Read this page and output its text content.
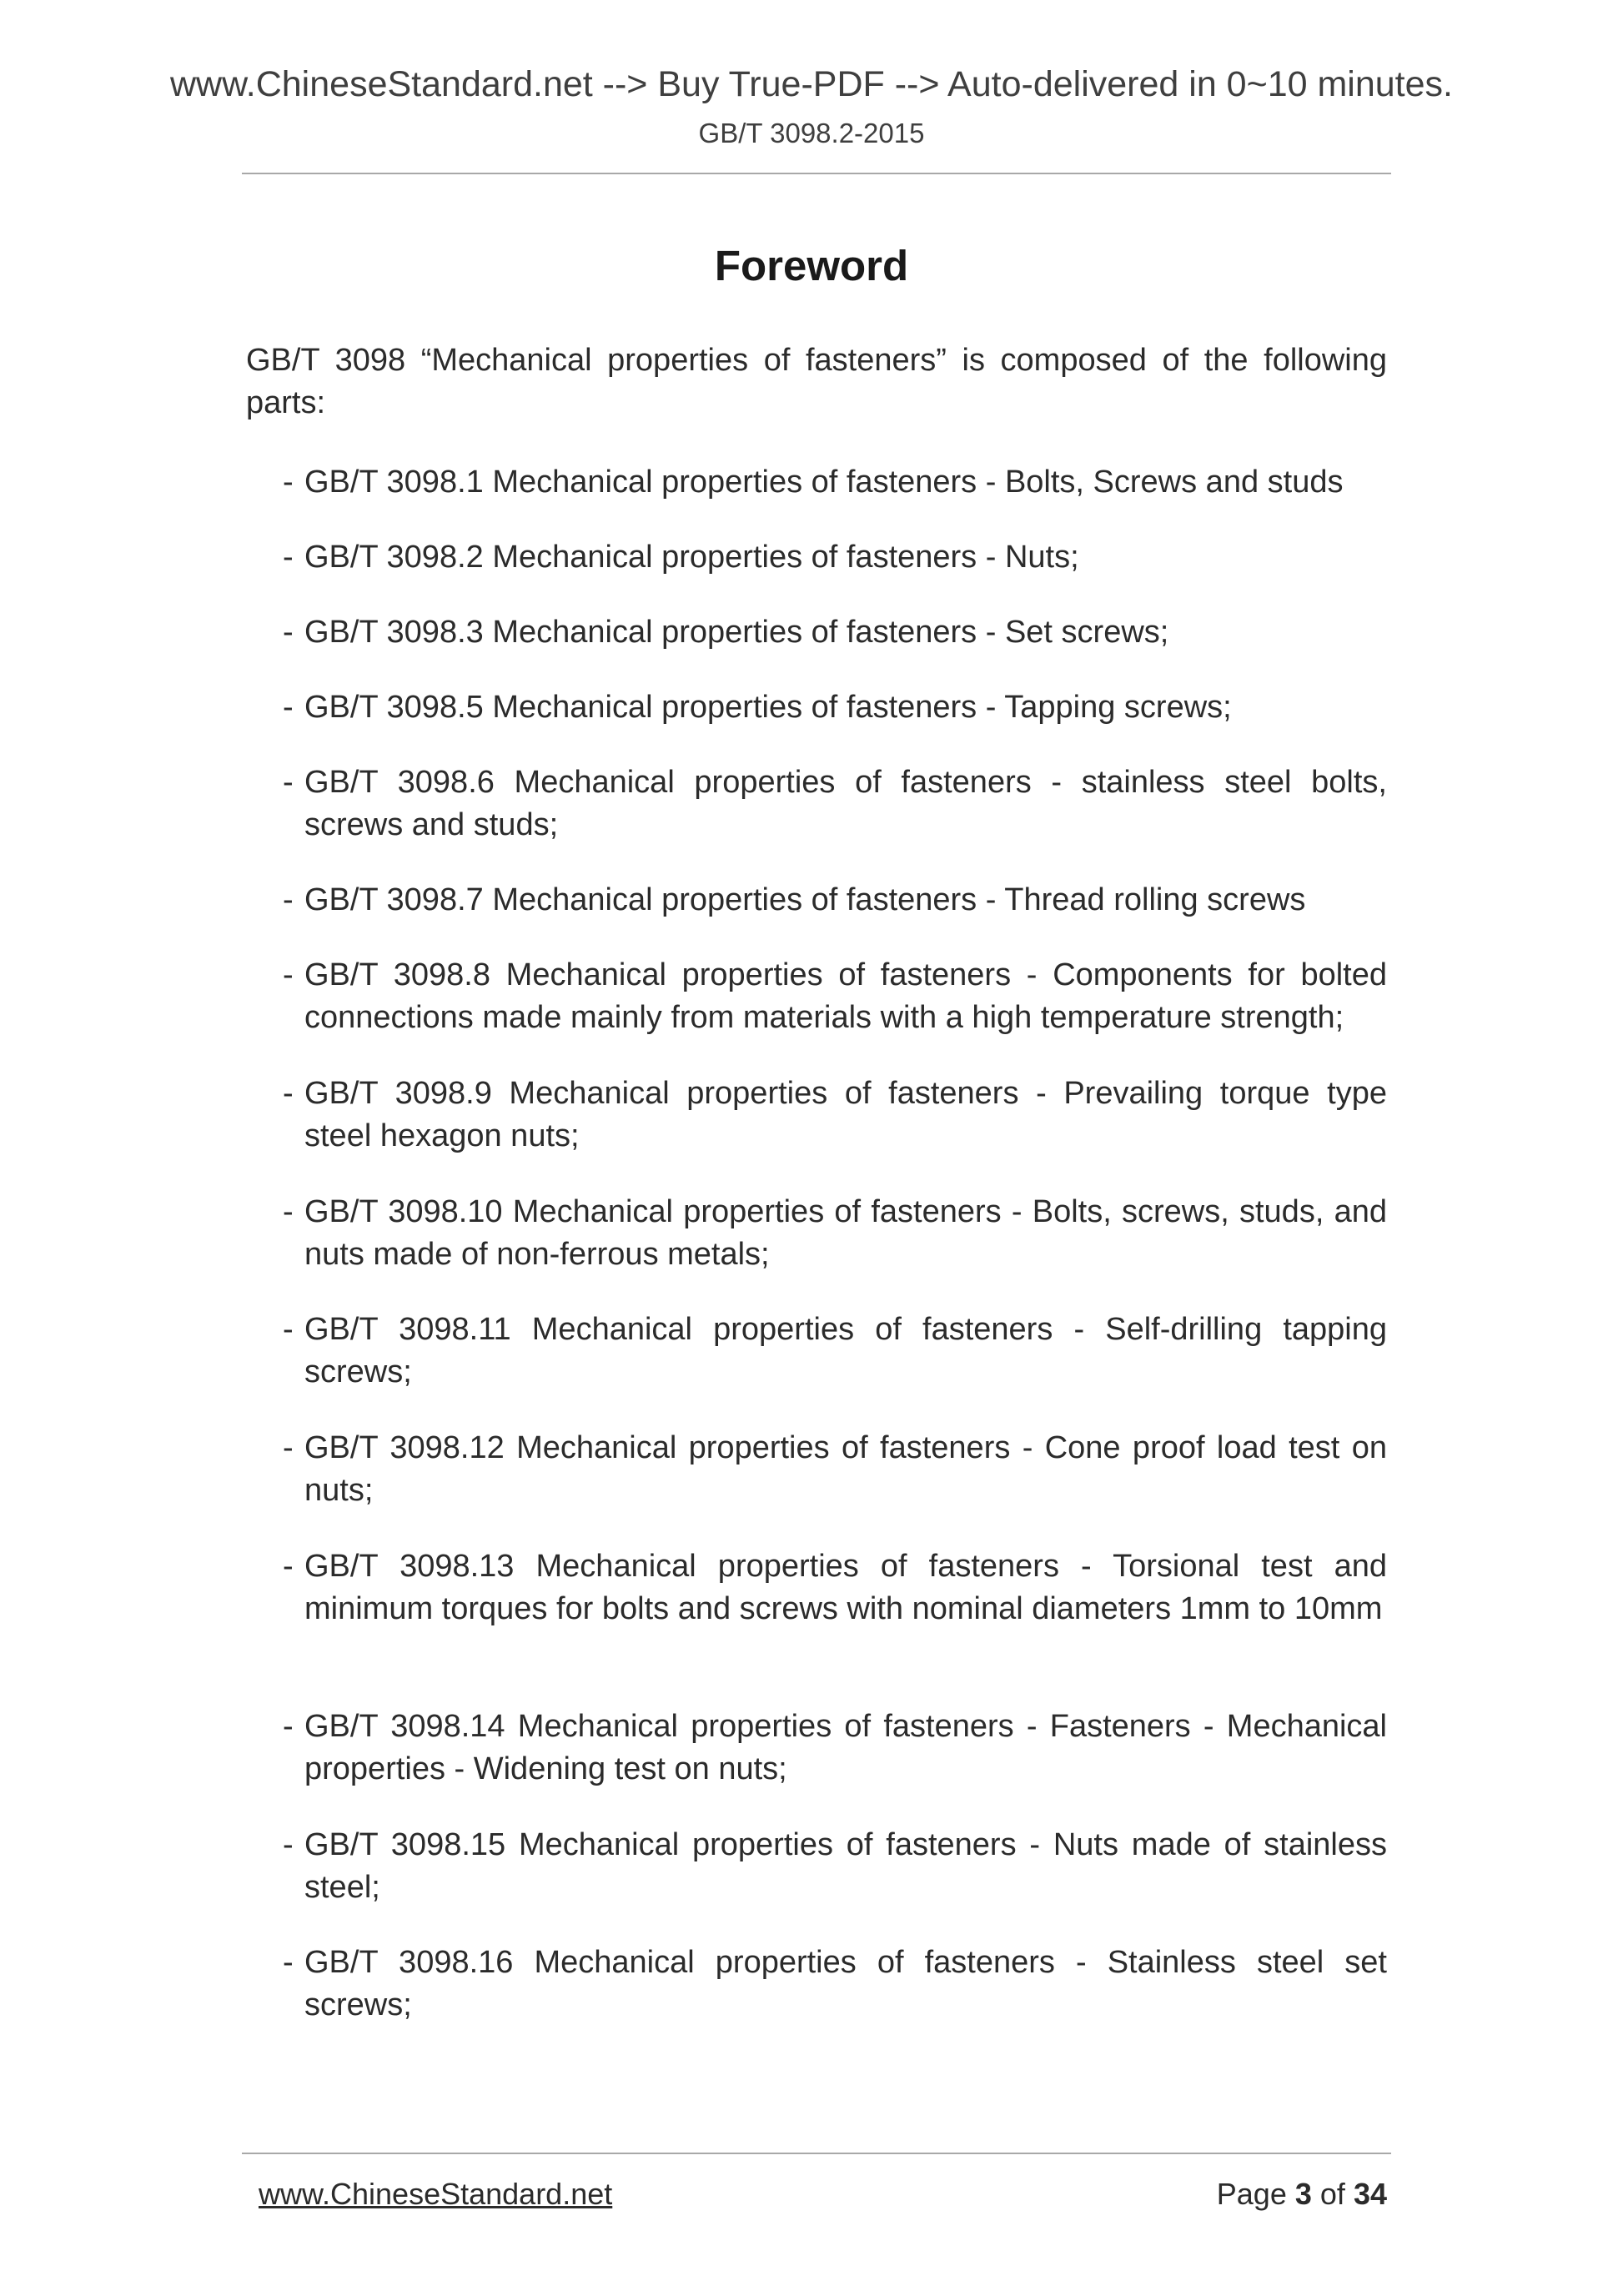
www.ChineseStandard.net --> Buy True-PDF --> Auto-delivered in 0~10 minutes.
GB/T 3098.2-2015
Foreword
GB/T 3098 “Mechanical properties of fasteners” is composed of the following parts:
- GB/T 3098.1 Mechanical properties of fasteners - Bolts, Screws and studs
- GB/T 3098.2 Mechanical properties of fasteners - Nuts;
- GB/T 3098.3 Mechanical properties of fasteners - Set screws;
- GB/T 3098.5 Mechanical properties of fasteners - Tapping screws;
- GB/T 3098.6 Mechanical properties of fasteners - stainless steel bolts, screws and studs;
- GB/T 3098.7 Mechanical properties of fasteners - Thread rolling screws
- GB/T 3098.8 Mechanical properties of fasteners - Components for bolted connections made mainly from materials with a high temperature strength;
- GB/T 3098.9 Mechanical properties of fasteners - Prevailing torque type steel hexagon nuts;
- GB/T 3098.10 Mechanical properties of fasteners - Bolts, screws, studs, and nuts made of non-ferrous metals;
- GB/T 3098.11 Mechanical properties of fasteners - Self-drilling tapping screws;
- GB/T 3098.12 Mechanical properties of fasteners - Cone proof load test on nuts;
- GB/T 3098.13 Mechanical properties of fasteners - Torsional test and minimum torques for bolts and screws with nominal diameters 1mm to 10mm
- GB/T 3098.14 Mechanical properties of fasteners - Fasteners - Mechanical properties - Widening test on nuts;
- GB/T 3098.15 Mechanical properties of fasteners - Nuts made of stainless steel;
- GB/T 3098.16 Mechanical properties of fasteners - Stainless steel set screws;
www.ChineseStandard.net	Page 3 of 34
